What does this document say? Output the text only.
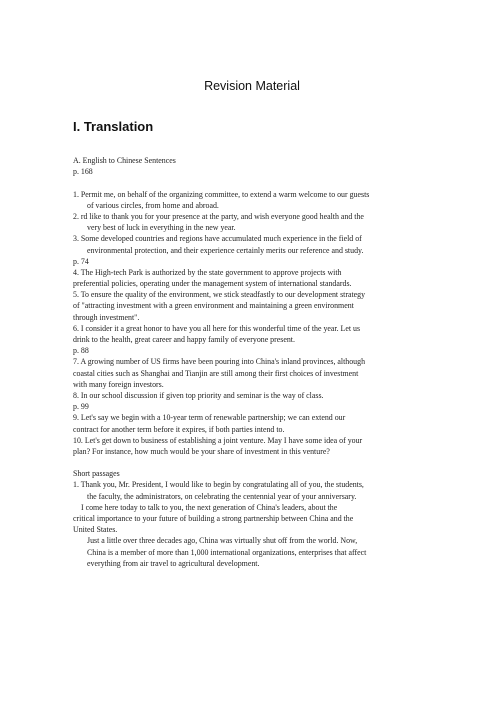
Revision Material
I. Translation
A. English to Chinese Sentences
p. 168
1. Permit me, on behalf of the organizing committee, to extend a warm welcome to our guests
of various circles, from home and abroad.
2. rd like to thank you for your presence at the party, and wish everyone good health and the
very best of luck in everything in the new year.
3. Some developed countries and regions have accumulated much experience in the field of
environmental protection, and their experience certainly merits our reference and study.
p. 74
4. The High-tech Park is authorized by the state government to approve projects with
preferential policies, operating under the management system of international standards.
5. To ensure the quality of the environment, we stick steadfastly to our development strategy
of "attracting investment with a green environment and maintaining a green environment
through investment".
6. I consider it a great honor to have you all here for this wonderful time of the year. Let us
drink to the health, great career and happy family of everyone present.
p. 88
7. A growing number of US firms have been pouring into China's inland provinces, although
coastal cities such as Shanghai and Tianjin are still among their first choices of investment
with many foreign investors.
8. In our school discussion if given top priority and seminar is the way of class.
p. 99
9. Let's say we begin with a 10-year term of renewable partnership; we can extend our
contract for another term before it expires, if both parties intend to.
10. Let's get down to business of establishing a joint venture. May I have some idea of your
plan? For instance, how much would be your share of investment in this venture?
Short passages
1. Thank you, Mr. President, I would like to begin by congratulating all of you, the students,
the faculty, the administrators, on celebrating the centennial year of your anniversary.
I come here today to talk to you, the next generation of China's leaders, about the
critical importance to your future of building a strong partnership between China and the
United States.
Just a little over three decades ago, China was virtually shut off from the world. Now,
China is a member of more than 1,000 international organizations, enterprises that affect
everything from air travel to agricultural development.
